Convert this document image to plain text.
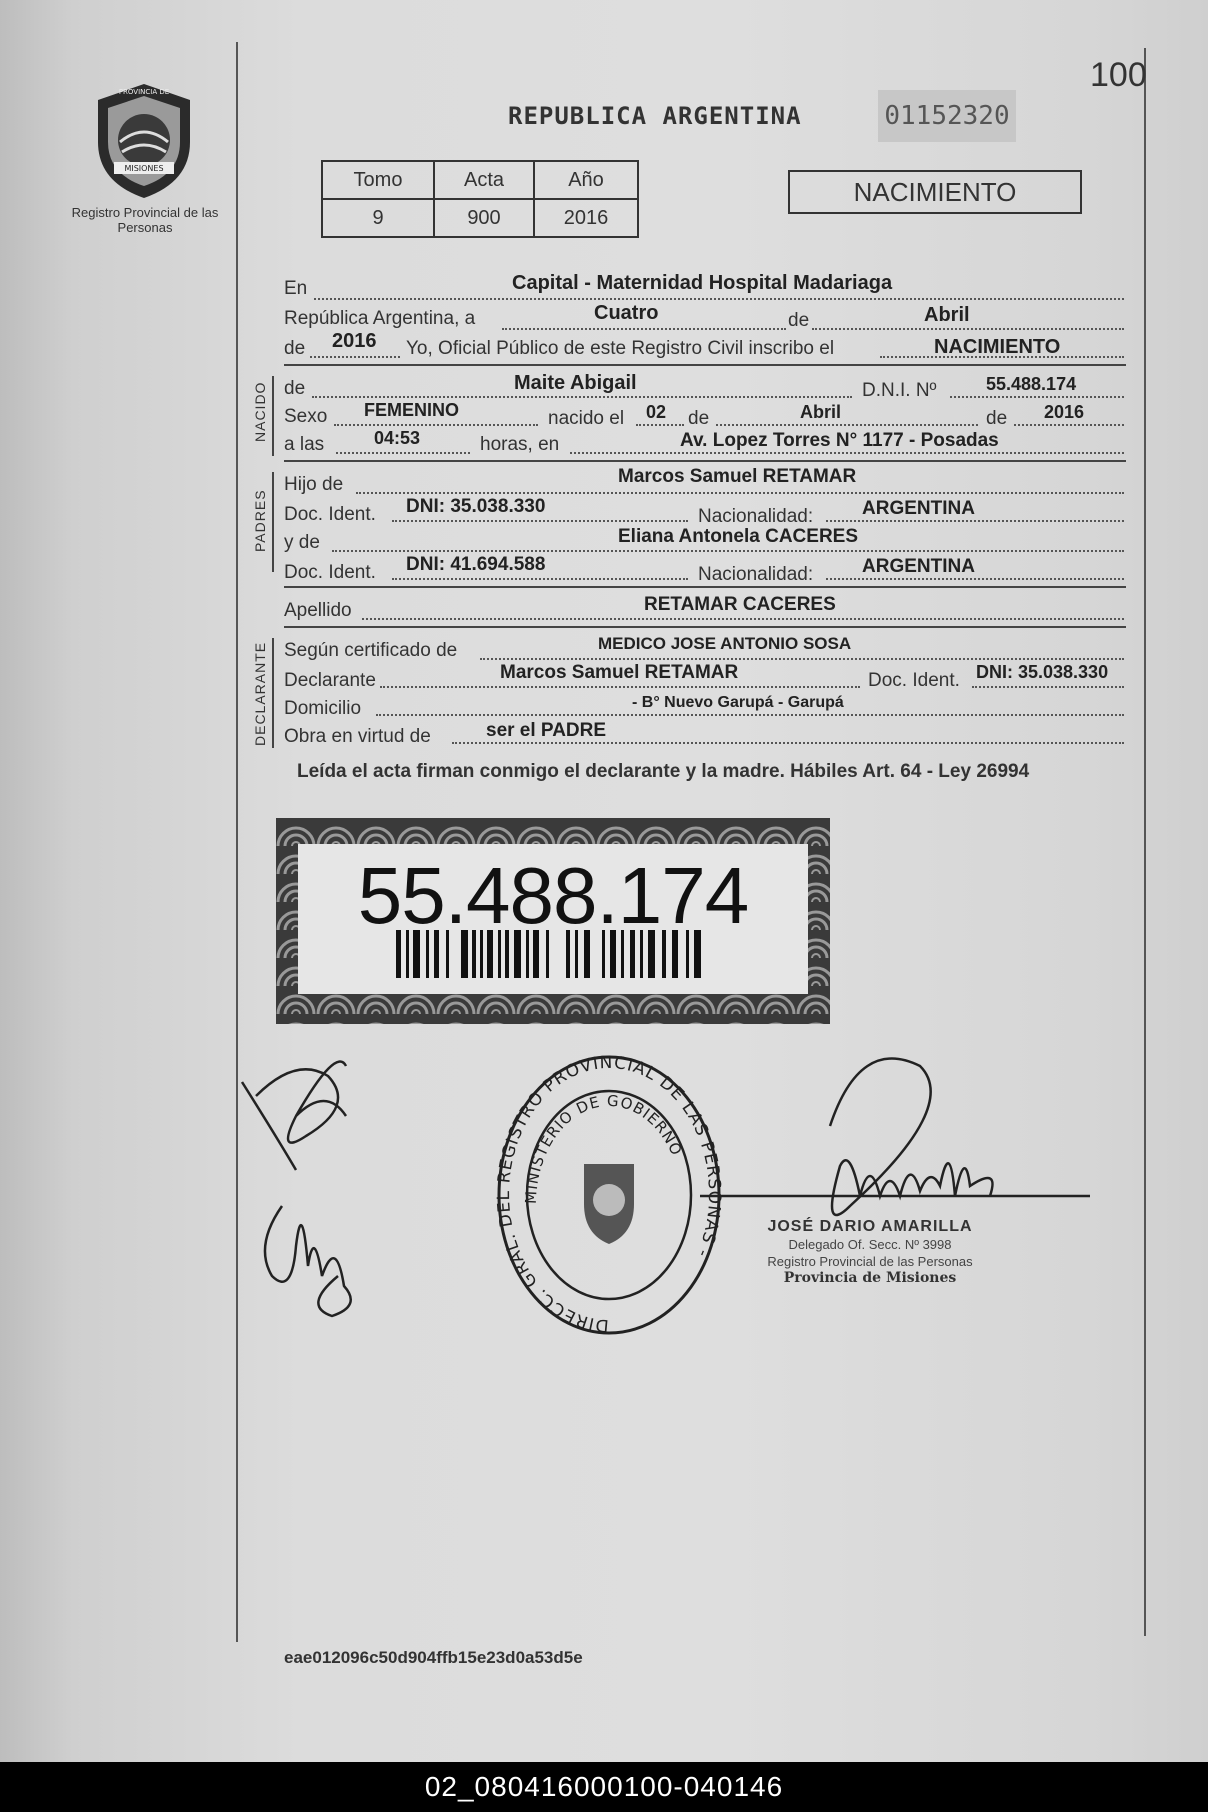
100
MISIONES
PROVINCIA DE
Registro Provincial de las Personas
REPUBLICA ARGENTINA	01152320
Tomo	Acta	Año
9	900	2016
NACIMIENTO
En	Capital - Maternidad Hospital Madariaga
República Argentina, a	Cuatro	de	Abril
de 2016 Yo, Oficial Público de este Registro Civil inscribo el	NACIMIENTO
NACIDO de	Maite Abigail	D.N.I. Nº	55.488.174
Sexo FEMENINO	nacido el 02 de	Abril	de 2016
a las	04:53	horas, en	Av. Lopez Torres N° 1177 - Posadas
PADRES
Hijo de	Marcos Samuel RETAMAR
Doc. Ident. DNI: 35.038.330	Nacionalidad:	ARGENTINA
y de	Eliana Antonela CACERES
Doc. Ident. DNI: 41.694.588	Nacionalidad:	ARGENTINA
Apellido	RETAMAR CACERES
DECLARANTE Según certificado de	MEDICO JOSE ANTONIO SOSA
Declarante	Marcos Samuel RETAMAR	Doc. Ident. DNI: 35.038.330
Domicilio	- B° Nuevo Garupá - Garupá
Obra en virtud de	ser el PADRE
Leída el acta firman conmigo el declarante y la madre. Hábiles Art. 64 - Ley 26994
55.488.174
DIRECC. GRAL. DEL REGISTRO PROVINCIAL DE LAS PERSONAS -
MINISTERIO DE GOBIERNO
JOSÉ DARIO AMARILLA
Delegado Of. Secc. Nº 3998
Registro Provincial de las Personas
Provincia de Misiones
eae012096c50d904ffb15e23d0a53d5e
02_080416000100-040146
